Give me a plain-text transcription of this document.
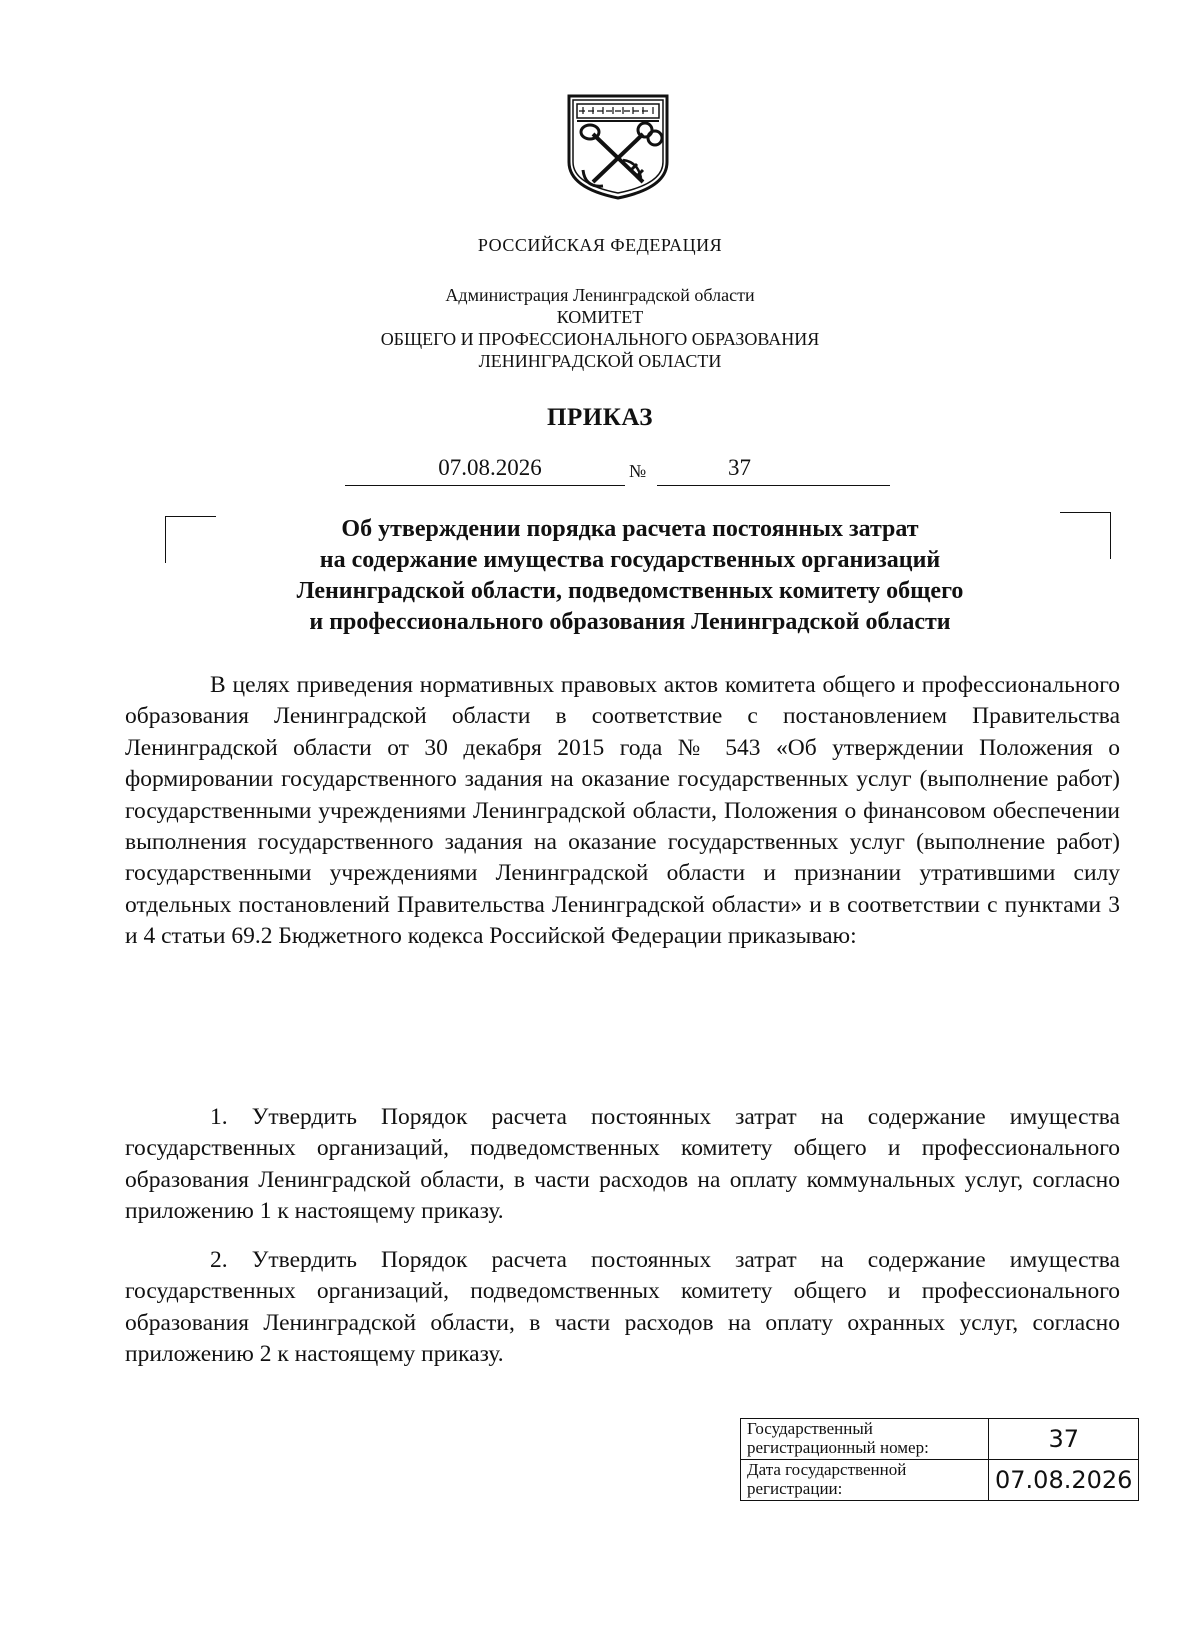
РОССИЙСКАЯ ФЕДЕРАЦИЯ
Администрация Ленинградской области
КОМИТЕТ
ОБЩЕГО И ПРОФЕССИОНАЛЬНОГО ОБРАЗОВАНИЯ
ЛЕНИНГРАДСКОЙ ОБЛАСТИ
ПРИКАЗ
07.08.2026	№	37
Об утверждении порядка расчета постоянных затрат
на содержание имущества государственных организаций
Ленинградской области, подведомственных комитету общего
и профессионального образования Ленинградской области

В целях приведения нормативных правовых актов комитета общего и профессионального образования Ленинградской области в соответствие с постановлением Правительства Ленинградской области от 30 декабря 2015 года № 543 «Об утверждении Положения о формировании государственного задания на оказание государственных услуг (выполнение работ) государственными учреждениями Ленинградской области, Положения о финансовом обеспечении выполнения государственного задания на оказание государственных услуг (выполнение работ) государственными учреждениями Ленинградской области и признании утратившими силу отдельных постановлений Правительства Ленинградской области» и в соответствии с пунктами 3 и 4 статьи 69.2 Бюджетного кодекса Российской Федерации приказываю:

1. Утвердить Порядок расчета постоянных затрат на содержание имущества государственных организаций, подведомственных комитету общего и профессионального образования Ленинградской области, в части расходов на оплату коммунальных услуг, согласно приложению 1 к настоящему приказу.

2. Утвердить Порядок расчета постоянных затрат на содержание имущества государственных организаций, подведомственных комитету общего и профессионального образования Ленинградской области, в части расходов на оплату охранных услуг, согласно приложению 2 к настоящему приказу.

Государственный регистрационный номер:	37
Дата государственной регистрации:	07.08.2026
